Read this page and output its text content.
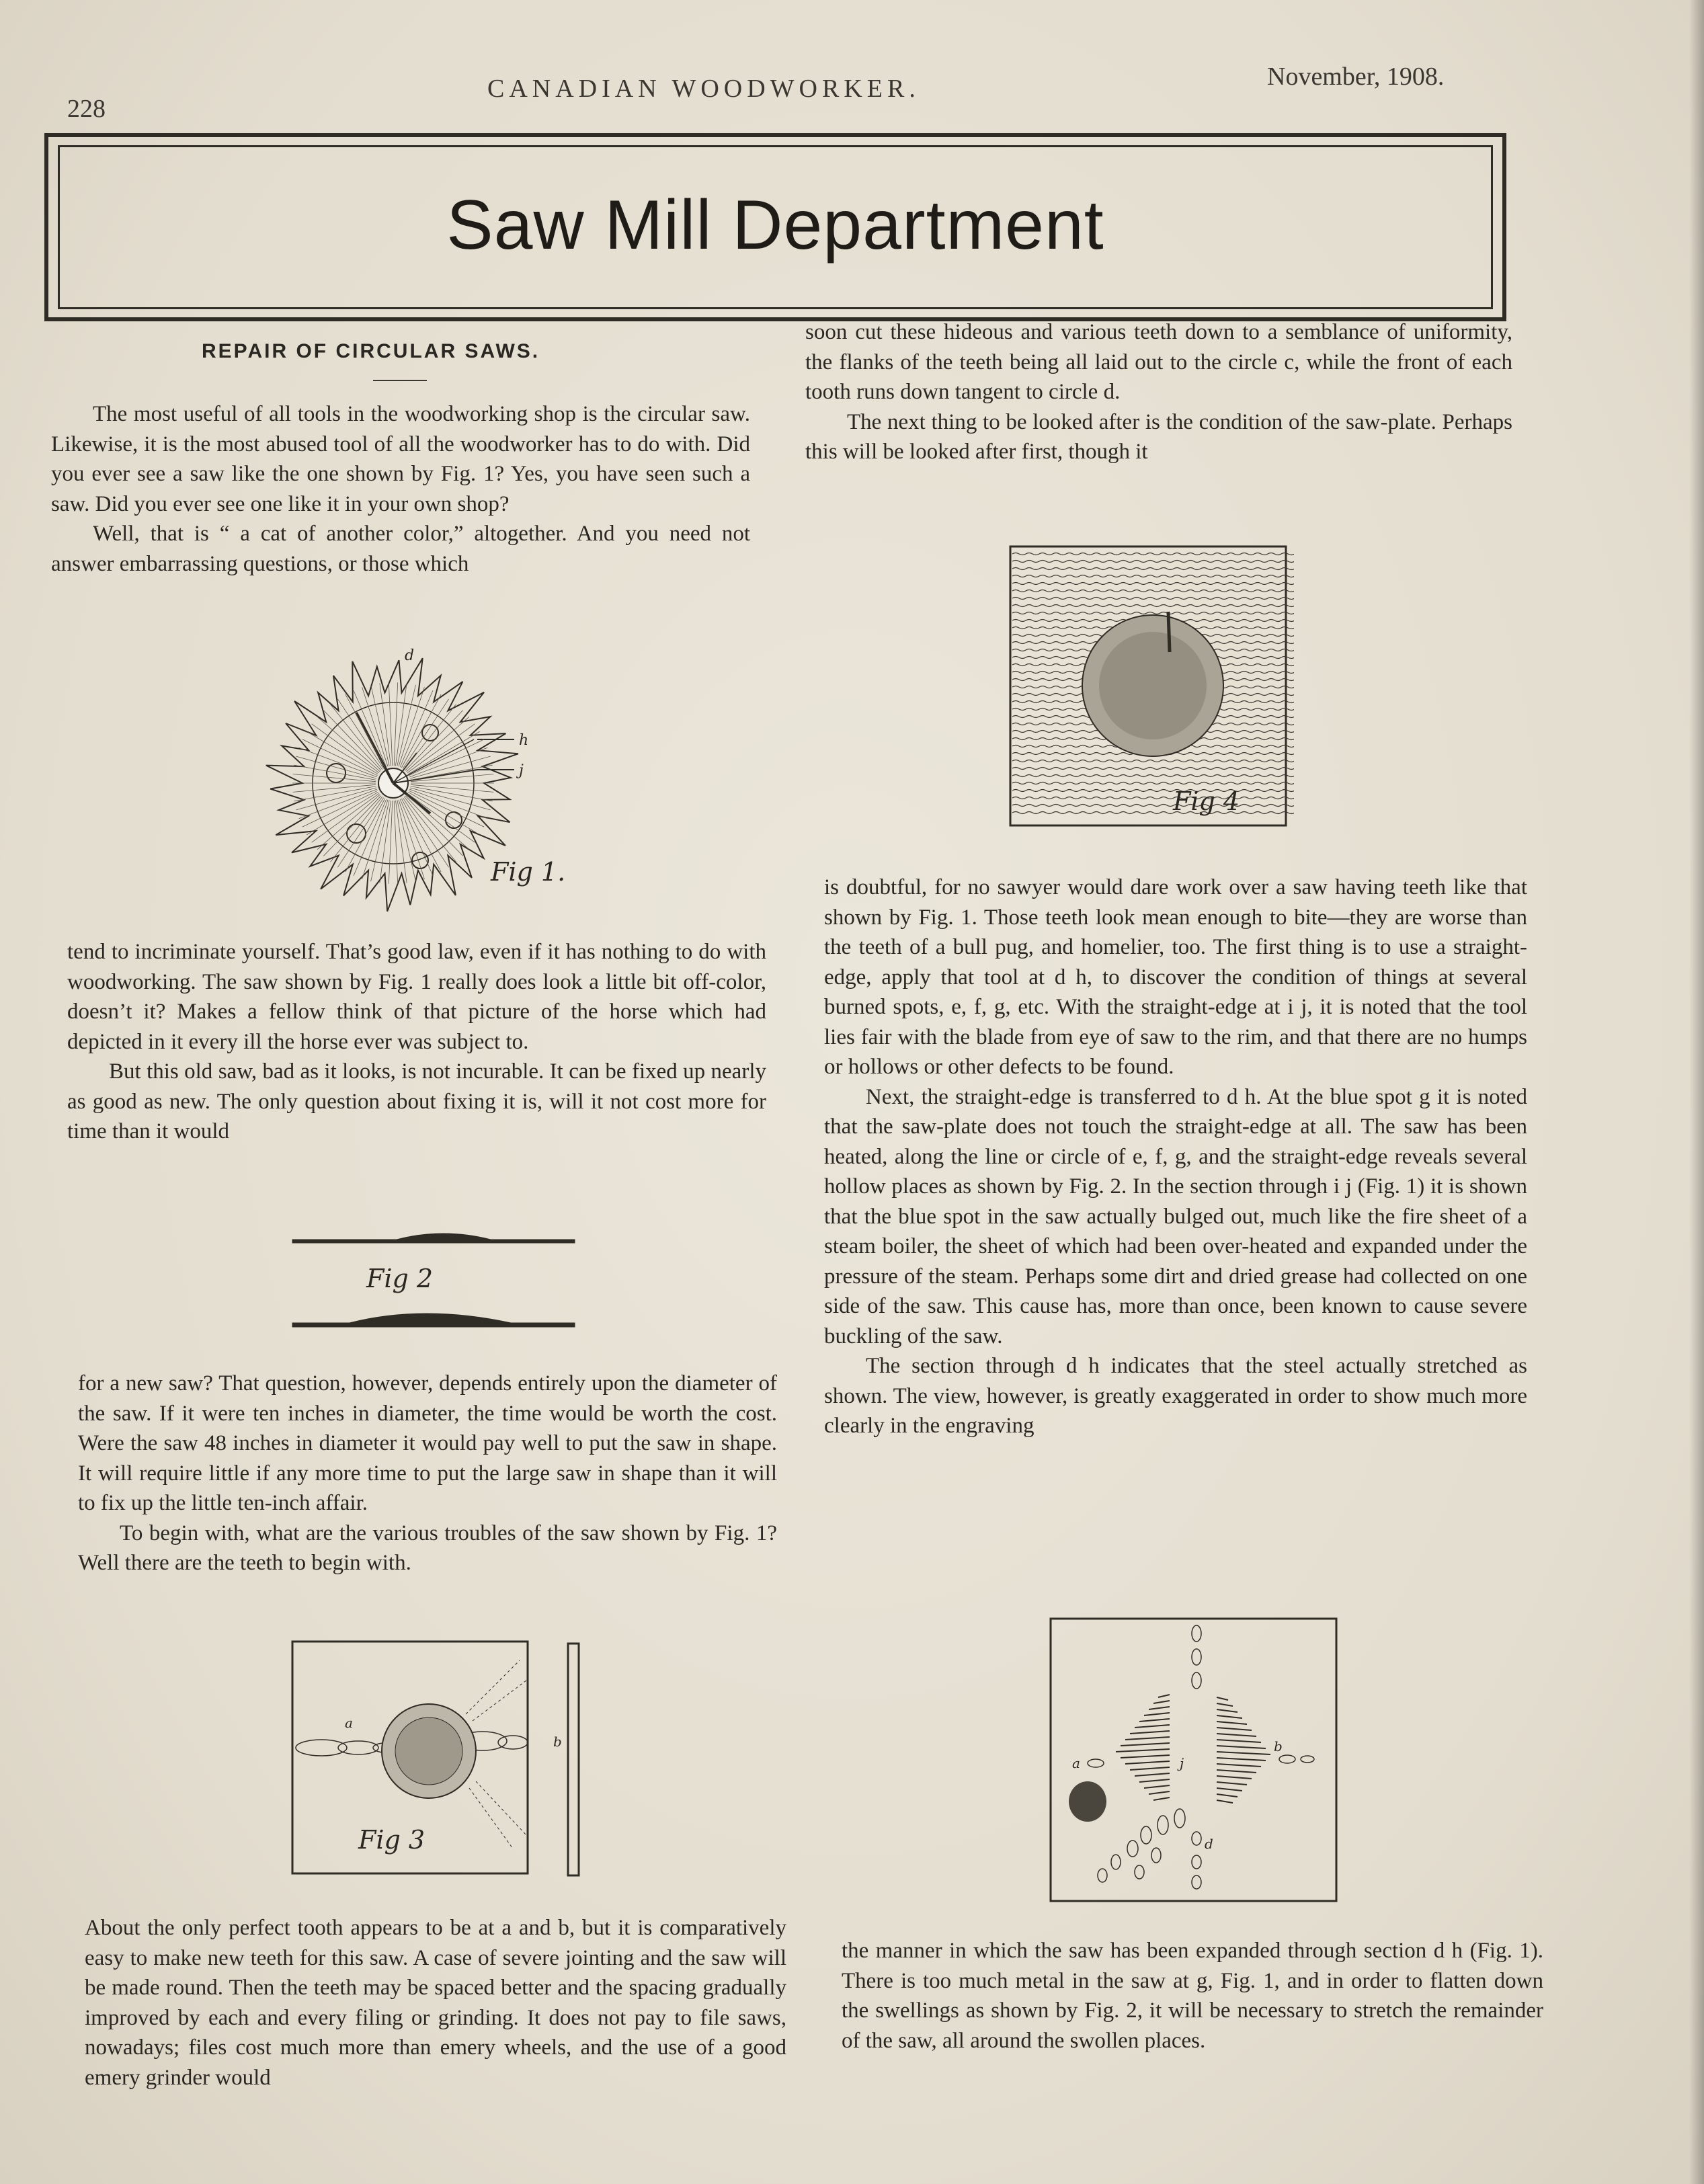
228
CANADIAN WOODWORKER.	November, 1908.
Saw Mill Department
REPAIR OF CIRCULAR SAWS.

The most useful of all tools in the woodworking shop is the circular saw. Likewise, it is the most abused tool of all the woodworker has to do with. Did you ever see a saw like the one shown by Fig. 1? Yes, you have seen such a saw. Did you ever see one like it in your own shop?

Well, that is “ a cat of another color,” altogether. And you need not answer embarrassing questions, or those which

h
j
d
Fig 1.

tend to incriminate yourself. That’s good law, even if it has nothing to do with woodworking. The saw shown by Fig. 1 really does look a little bit off-color, doesn’t it? Makes a fellow think of that picture of the horse which had depicted in it every ill the horse ever was subject to.

But this old saw, bad as it looks, is not incurable. It can be fixed up nearly as good as new. The only question about fixing it is, will it not cost more for time than it would

Fig 2

for a new saw? That question, however, depends entirely upon the diameter of the saw. If it were ten inches in diameter, the time would be worth the cost. Were the saw 48 inches in diameter it would pay well to put the saw in shape. It will require little if any more time to put the large saw in shape than it will to fix up the little ten-inch affair.

To begin with, what are the various troubles of the saw shown by Fig. 1? Well there are the teeth to begin with.

a
b
Fig 3

About the only perfect tooth appears to be at a and b, but it is comparatively easy to make new teeth for this saw. A case of severe jointing and the saw will be made round. Then the teeth may be spaced better and the spacing gradually improved by each and every filing or grinding. It does not pay to file saws, nowadays; files cost much more than emery wheels, and the use of a good emery grinder would

soon cut these hideous and various teeth down to a semblance of uniformity, the flanks of the teeth being all laid out to the circle c, while the front of each tooth runs down tangent to circle d.

The next thing to be looked after is the condition of the saw-plate. Perhaps this will be looked after first, though it

Fig 4

is doubtful, for no sawyer would dare work over a saw having teeth like that shown by Fig. 1. Those teeth look mean enough to bite—they are worse than the teeth of a bull pug, and homelier, too. The first thing is to use a straight-edge, apply that tool at d h, to discover the condition of things at several burned spots, e, f, g, etc. With the straight-edge at i j, it is noted that the tool lies fair with the blade from eye of saw to the rim, and that there are no humps or hollows or other defects to be found.

Next, the straight-edge is transferred to d h. At the blue spot g it is noted that the saw-plate does not touch the straight-edge at all. The saw has been heated, along the line or circle of e, f, g, and the straight-edge reveals several hollow places as shown by Fig. 2. In the section through i j (Fig. 1) it is shown that the blue spot in the saw actually bulged out, much like the fire sheet of a steam boiler, the sheet of which had been over-heated and expanded under the pressure of the steam. Perhaps some dirt and dried grease had collected on one side of the saw. This cause has, more than once, been known to cause severe buckling of the saw.

The section through d h indicates that the steel actually stretched as shown. The view, however, is greatly exaggerated in order to show much more clearly in the engraving

b
a	j
d

the manner in which the saw has been expanded through section d h (Fig. 1). There is too much metal in the saw at g, Fig. 1, and in order to flatten down the swellings as shown by Fig. 2, it will be necessary to stretch the remainder of the saw, all around the swollen places.
